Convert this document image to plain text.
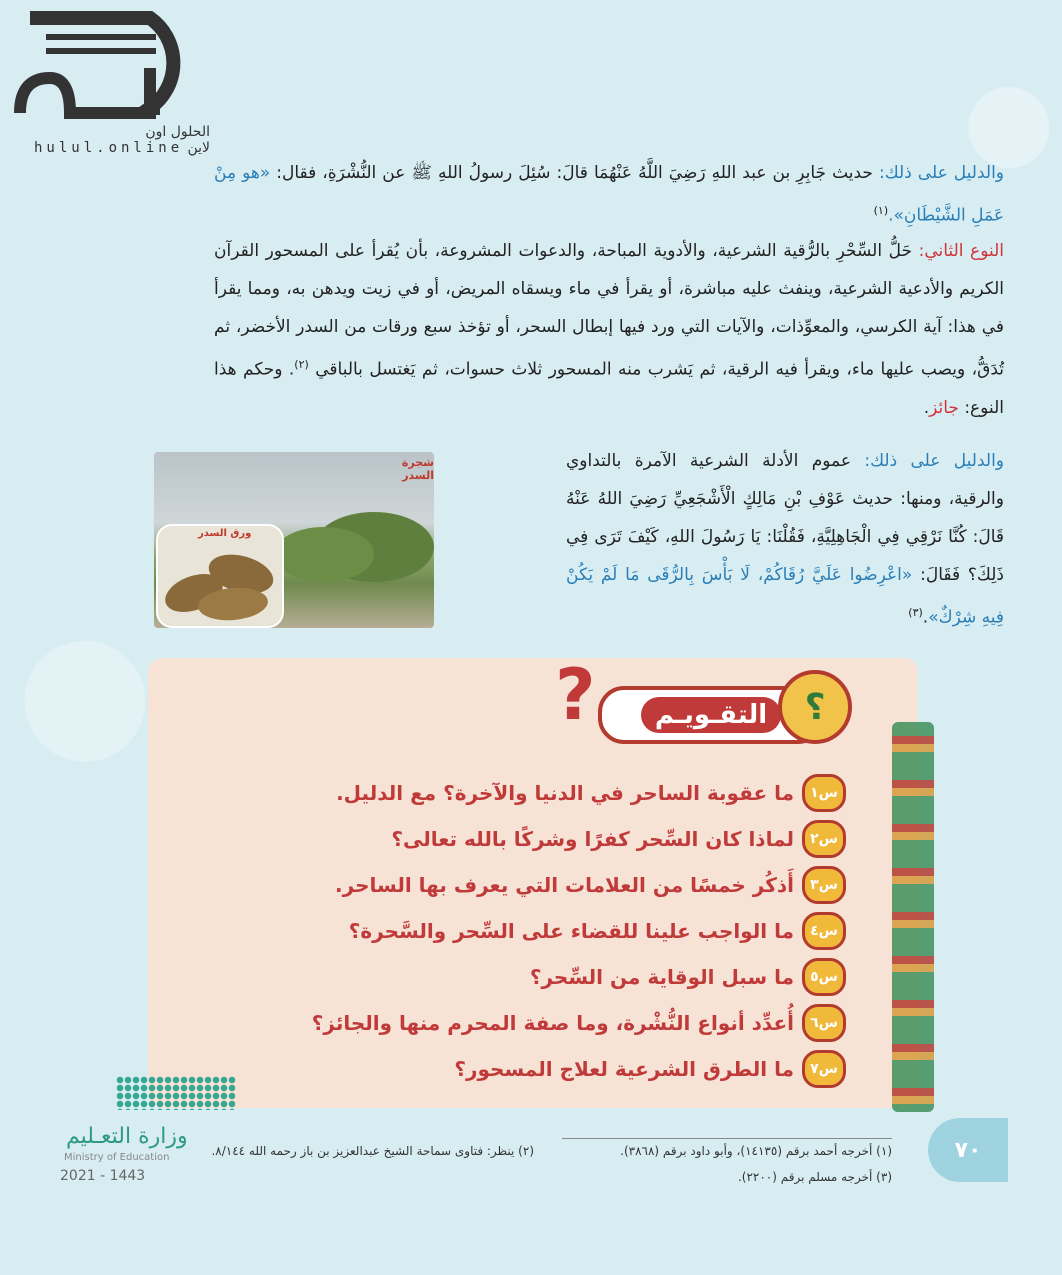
الحلول اون لاين
hulul.online
والدليل على ذلك: حديث جَابِرِ بن عبد اللهِ رَضِيَ اللَّهُ عَنْهُمَا قالَ: سُئِلَ رسولُ اللهِ ﷺ عن النُّشْرَةِ، فقال: «هو مِنْ عَمَلِ الشَّيْطَانِ».$^{(١)}$
النوع الثاني: حَلُّ السِّحْرِ بالرُّقية الشرعية، والأدوية المباحة، والدعوات المشروعة، بأن يُقرأ على المسحور القرآن الكريم والأدعية الشرعية، وينفث عليه مباشرة، أو يقرأ في ماء ويسقاه المريض، أو في زيت ويدهن به، ومما يقرأ في هذا: آية الكرسي، والمعوِّذات، والآيات التي ورد فيها إبطال السحر، أو تؤخذ سبع ورقات من السدر الأخضر، ثم تُدَقُّ، ويصب عليها ماء، ويقرأ فيه الرقية، ثم يَشرب منه المسحور ثلاث حسوات، ثم يَغتسل بالباقي $^{(٢)}$. وحكم هذا النوع: جائز.
والدليل على ذلك: عموم الأدلة الشرعية الآمرة بالتداوي والرقية، ومنها: حديث عَوْفِ بْنِ مَالِكٍ الْأَشْجَعِيِّ رَضِيَ اللهُ عَنْهُ قَالَ: كُنَّا نَرْقِي فِي الْجَاهِلِيَّةِ، فَقُلْنَا: يَا رَسُولَ اللهِ، كَيْفَ تَرَى فِي ذَلِكَ؟ فَقَالَ: «اعْرِضُوا عَلَيَّ رُقَاكُمْ، لَا بَأْسَ بِالرُّقَى مَا لَمْ يَكُنْ فِيهِ شِرْكٌ».$^{(٣)}$
شجرة السدر
ورق السدر
?	التقـويـم	؟
س١
ما عقوبة الساحر في الدنيا والآخرة؟ مع الدليل.
س٢
لماذا كان السِّحر كفرًا وشركًا بالله تعالى؟
س٣
أَذكُر خمسًا من العلامات التي يعرف بها الساحر.
س٤
ما الواجب علينا للقضاء على السِّحر والسَّحرة؟
س٥
ما سبل الوقاية من السِّحر؟
س٦
أُعدِّد أنواع النُّشْرة، وما صفة المحرم منها والجائز؟
س٧
ما الطرق الشرعية لعلاج المسحور؟
وزارة التعـليم
Ministry of Education
2021 - 1443
(١) أخرجه أحمد برقم (١٤١٣٥)، وأبو داود برقم (٣٨٦٨).
(٢) ينظر: فتاوى سماحة الشيخ عبدالعزيز بن باز رحمه الله ٨/١٤٤.
(٣) أخرجه مسلم برقم (٢٢٠٠).
٧٠
